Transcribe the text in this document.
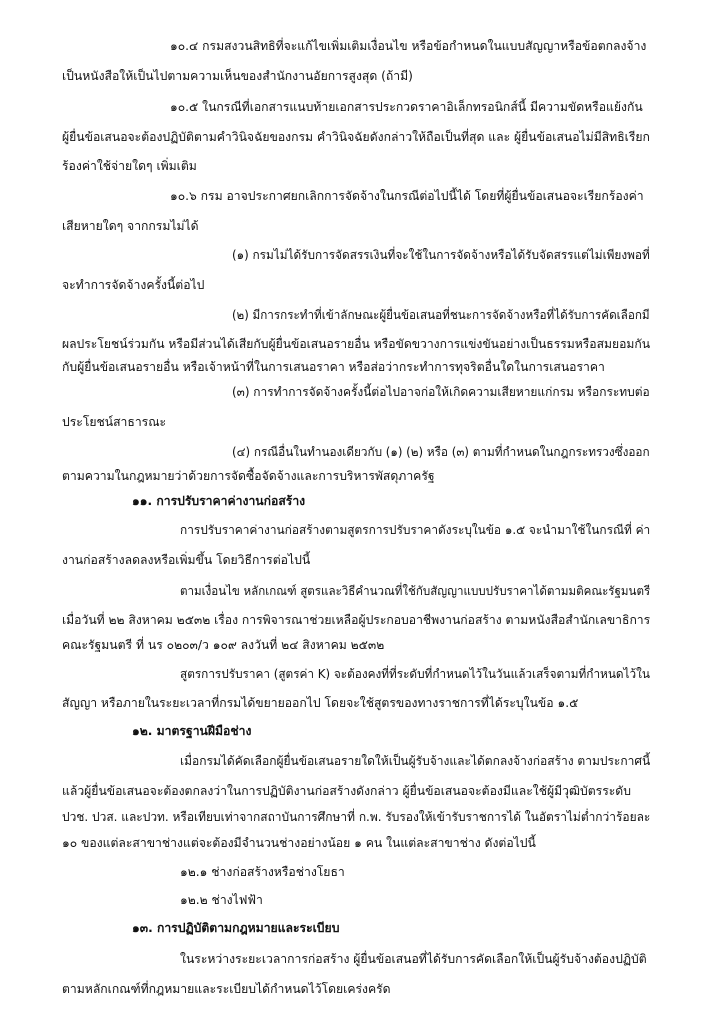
๑๐.๔ กรมสงวนสิทธิที่จะแก้ไขเพิ่มเติมเงื่อนไข หรือข้อกำหนดในแบบสัญญาหรือข้อตกลงจ้าง
เป็นหนังสือให้เป็นไปตามความเห็นของสำนักงานอัยการสูงสุด (ถ้ามี)
๑๐.๕ ในกรณีที่เอกสารแนบท้ายเอกสารประกวดราคาอิเล็กทรอนิกส์นี้ มีความขัดหรือแย้งกัน
ผู้ยื่นข้อเสนอจะต้องปฏิบัติตามคำวินิจฉัยของกรม คำวินิจฉัยดังกล่าวให้ถือเป็นที่สุด และ ผู้ยื่นข้อเสนอไม่มีสิทธิเรียก
ร้องค่าใช้จ่ายใดๆ เพิ่มเติม
๑๐.๖ กรม อาจประกาศยกเลิกการจัดจ้างในกรณีต่อไปนี้ได้ โดยที่ผู้ยื่นข้อเสนอจะเรียกร้องค่า
เสียหายใดๆ จากกรมไม่ได้
(๑) กรมไม่ได้รับการจัดสรรเงินที่จะใช้ในการจัดจ้างหรือได้รับจัดสรรแต่ไม่เพียงพอที่
จะทำการจัดจ้างครั้งนี้ต่อไป
(๒) มีการกระทำที่เข้าลักษณะผู้ยื่นข้อเสนอที่ชนะการจัดจ้างหรือที่ได้รับการคัดเลือกมี
ผลประโยชน์ร่วมกัน หรือมีส่วนได้เสียกับผู้ยื่นข้อเสนอรายอื่น หรือขัดขวางการแข่งขันอย่างเป็นธรรมหรือสมยอมกัน
กับผู้ยื่นข้อเสนอรายอื่น หรือเจ้าหน้าที่ในการเสนอราคา หรือส่อว่ากระทำการทุจริตอื่นใดในการเสนอราคา
(๓) การทำการจัดจ้างครั้งนี้ต่อไปอาจก่อให้เกิดความเสียหายแก่กรม หรือกระทบต่อ
ประโยชน์สาธารณะ
(๔) กรณีอื่นในทำนองเดียวกับ (๑) (๒) หรือ (๓) ตามที่กำหนดในกฎกระทรวงซึ่งออก
ตามความในกฎหมายว่าด้วยการจัดซื้อจัดจ้างและการบริหารพัสดุภาครัฐ
๑๑. การปรับราคาค่างานก่อสร้าง
การปรับราคาค่างานก่อสร้างตามสูตรการปรับราคาดังระบุในข้อ ๑.๕ จะนำมาใช้ในกรณีที่ ค่า
งานก่อสร้างลดลงหรือเพิ่มขึ้น โดยวิธีการต่อไปนี้
ตามเงื่อนไข หลักเกณฑ์ สูตรและวิธีคำนวณที่ใช้กับสัญญาแบบปรับราคาได้ตามมติคณะรัฐมนตรี
เมื่อวันที่ ๒๒ สิงหาคม ๒๕๓๒ เรื่อง การพิจารณาช่วยเหลือผู้ประกอบอาชีพงานก่อสร้าง ตามหนังสือสำนักเลขาธิการ
คณะรัฐมนตรี ที่ นร ๐๒๐๓/ว ๑๐๙ ลงวันที่ ๒๔ สิงหาคม ๒๕๓๒
สูตรการปรับราคา (สูตรค่า K) จะต้องคงที่ที่ระดับที่กำหนดไว้ในวันแล้วเสร็จตามที่กำหนดไว้ใน
สัญญา หรือภายในระยะเวลาที่กรมได้ขยายออกไป โดยจะใช้สูตรของทางราชการที่ได้ระบุในข้อ ๑.๕
๑๒. มาตรฐานฝีมือช่าง
เมื่อกรมได้คัดเลือกผู้ยื่นข้อเสนอรายใดให้เป็นผู้รับจ้างและได้ตกลงจ้างก่อสร้าง ตามประกาศนี้
แล้วผู้ยื่นข้อเสนอจะต้องตกลงว่าในการปฏิบัติงานก่อสร้างดังกล่าว ผู้ยื่นข้อเสนอจะต้องมีและใช้ผู้มีวุฒิบัตรระดับ
ปวช. ปวส. และปวท. หรือเทียบเท่าจากสถาบันการศึกษาที่ ก.พ. รับรองให้เข้ารับราชการได้ ในอัตราไม่ต่ำกว่าร้อยละ
๑๐ ของแต่ละสาขาช่างแต่จะต้องมีจำนวนช่างอย่างน้อย ๑ คน ในแต่ละสาขาช่าง ดังต่อไปนี้
๑๒.๑ ช่างก่อสร้างหรือช่างโยธา
๑๒.๒ ช่างไฟฟ้า
๑๓. การปฏิบัติตามกฎหมายและระเบียบ
ในระหว่างระยะเวลาการก่อสร้าง ผู้ยื่นข้อเสนอที่ได้รับการคัดเลือกให้เป็นผู้รับจ้างต้องปฏิบัติ
ตามหลักเกณฑ์ที่กฎหมายและระเบียบได้กำหนดไว้โดยเคร่งครัด
